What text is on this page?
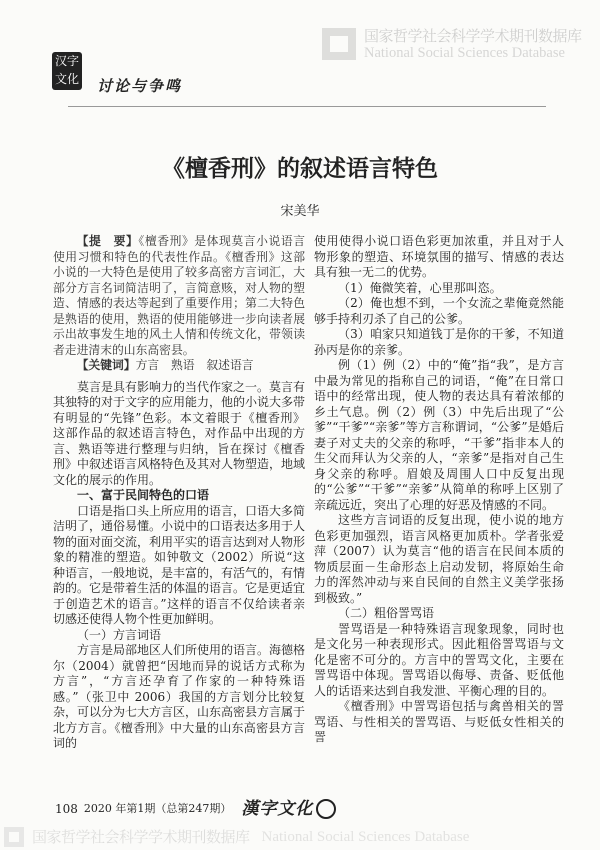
国家哲学社会科学学术期刊数据库
National Social Sciences Database
汉字
文化 讨论与争鸣
《檀香刑》的叙述语言特色
宋美华

【提　要】《檀香刑》是体现莫言小说语言使用习惯和特色的代表性作品。《檀香刑》这部小说的一大特色是使用了较多高密方言词汇，大部分方言名词简洁明了，言简意赅，对人物的塑造、情感的表达等起到了重要作用；第二大特色是熟语的使用，熟语的使用能够进一步向读者展示出故事发生地的风土人情和传统文化，带领读者走进清末的山东高密县。

【关键词】方言　熟语　叙述语言

莫言是具有影响力的当代作家之一。莫言有其独特的对于文字的应用能力，他的小说大多带有明显的“先锋”色彩。本文着眼于《檀香刑》这部作品的叙述语言特色，对作品中出现的方言、熟语等进行整理与归纳，旨在探讨《檀香刑》中叙述语言风格特色及其对人物塑造，地域文化的展示的作用。

一、富于民间特色的口语

口语是指口头上所应用的语言，口语大多简洁明了，通俗易懂。小说中的口语表达多用于人物的面对面交流，利用平实的语言达到对人物形象的精准的塑造。如钟敬文（2002）所说“这种语言，一般地说，是丰富的，有活气的，有情韵的。它是带着生活的体温的语言。它是更适宜于创造艺术的语言。”这样的语言不仅给读者亲切感还使得人物个性更加鲜明。

（一）方言词语

方言是局部地区人们所使用的语言。海德格尔（2004）就曾把“因地而异的说话方式称为方言”，“方言还孕育了作家的一种特殊语感。”（张卫中 2006）我国的方言划分比较复杂，可以分为七大方言区，山东高密县方言属于北方方言。《檀香刑》中大量的山东高密县方言词的

使用使得小说口语色彩更加浓重，并且对于人物形象的塑造、环境氛围的描写、情感的表达具有独一无二的优势。

（1）俺微笑着，心里那叫恣。

（2）俺也想不到，一个女流之辈俺竟然能够手持利刃杀了自己的公爹。

（3）咱家只知道钱丁是你的干爹，不知道孙丙是你的亲爹。

例（1）例（2）中的“俺”指“我”，是方言中最为常见的指称自己的词语，“俺”在日常口语中的经常出现，使人物的表达具有着浓郁的乡土气息。例（2）例（3）中先后出现了“公爹”“干爹”“亲爹”等方言称谓词，“公爹”是婚后妻子对丈夫的父亲的称呼，“干爹”指非本人的生父而拜认为父亲的人，“亲爹”是指对自己生身父亲的称呼。眉娘及周围人口中反复出现的“公爹”“干爹”“亲爹”从简单的称呼上区别了亲疏远近，突出了心理的好恶及情感的不同。

这些方言词语的反复出现，使小说的地方色彩更加强烈，语言风格更加质朴。学者张爱萍（2007）认为莫言“他的语言在民间本质的物质层面－生命形态上启动发韧，将原始生命力的浑然冲动与来自民间的自然主义美学张扬到极致。”

（二）粗俗詈骂语

詈骂语是一种特殊语言现象现象，同时也是文化另一种表现形式。因此粗俗詈骂语与文化是密不可分的。方言中的詈骂文化，主要在詈骂语中体现。詈骂语以侮辱、责备、贬低他人的话语来达到自我发泄、平衡心理的目的。

《檀香刑》中詈骂语包括与禽兽相关的詈骂语、与性相关的詈骂语、与贬低女性相关的詈

108 2020 年第1期（总第247期） 漢字文化
国家哲学社会科学学术期刊数据库 National Social Sciences Database
